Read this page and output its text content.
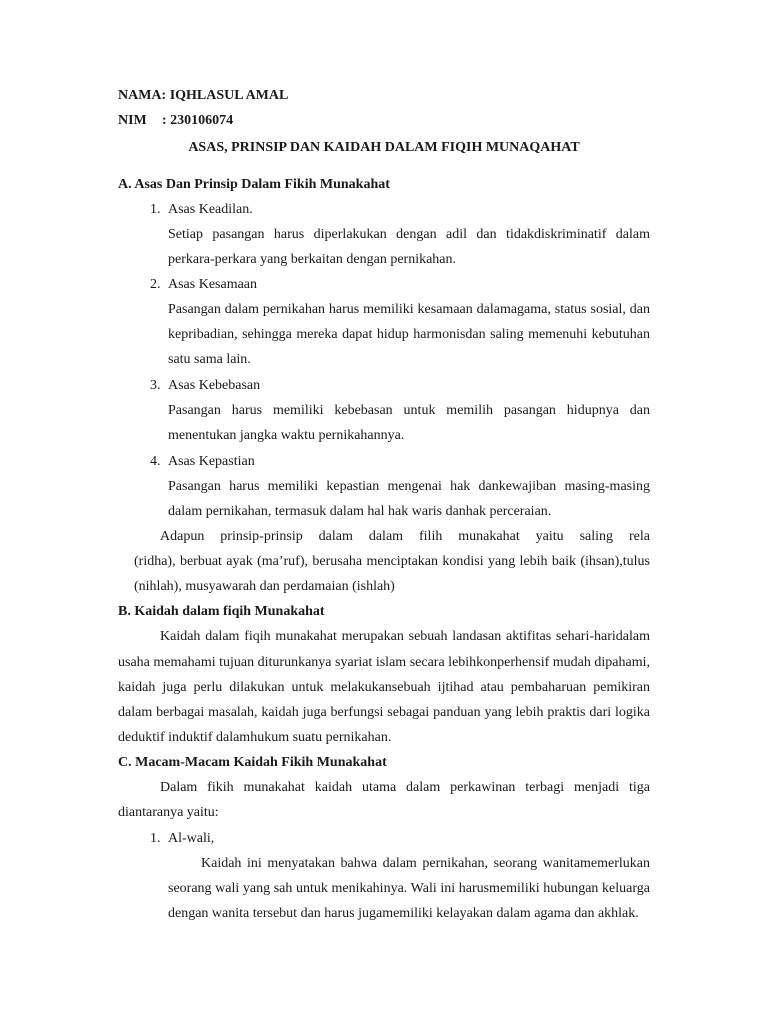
NAMA: IQHLASUL AMAL
NIM : 230106074
ASAS, PRINSIP DAN KAIDAH DALAM FIQIH MUNAQAHAT
A. Asas Dan Prinsip Dalam Fikih Munakahat
1. Asas Keadilan.
Setiap pasangan harus diperlakukan dengan adil dan tidakdiskriminatif dalam
perkara-perkara yang berkaitan dengan pernikahan.
2. Asas Kesamaan
Pasangan dalam pernikahan harus memiliki kesamaan dalamagama, status sosial, dan
kepribadian, sehingga mereka dapat hidup harmonisdan saling memenuhi kebutuhan
satu sama lain.
3. Asas Kebebasan
Pasangan harus memiliki kebebasan untuk memilih pasangan hidupnya dan
menentukan jangka waktu pernikahannya.
4. Asas Kepastian
Pasangan harus memiliki kepastian mengenai hak dankewajiban masing-masing
dalam pernikahan, termasuk dalam hal hak waris danhak perceraian.
Adapun prinsip-prinsip dalam dalam filih munakahat yaitu saling rela
(ridha), berbuat ayak (ma’ruf), berusaha menciptakan kondisi yang lebih baik (ihsan),tulus
(nihlah), musyawarah dan perdamaian (ishlah)
B. Kaidah dalam fiqih Munakahat
Kaidah dalam fiqih munakahat merupakan sebuah landasan aktifitas sehari-haridalam
usaha memahami tujuan diturunkanya syariat islam secara lebihkonperhensif mudah dipahami,
kaidah juga perlu dilakukan untuk melakukansebuah ijtihad atau pembaharuan pemikiran
dalam berbagai masalah, kaidah juga berfungsi sebagai panduan yang lebih praktis dari logika
deduktif induktif dalamhukum suatu pernikahan.
C. Macam-Macam Kaidah Fikih Munakahat
Dalam fikih munakahat kaidah utama dalam perkawinan terbagi menjadi tiga
diantaranya yaitu:
1. Al-wali,
Kaidah ini menyatakan bahwa dalam pernikahan, seorang wanitamemerlukan
seorang wali yang sah untuk menikahinya. Wali ini harusmemiliki hubungan keluarga
dengan wanita tersebut dan harus jugamemiliki kelayakan dalam agama dan akhlak.
